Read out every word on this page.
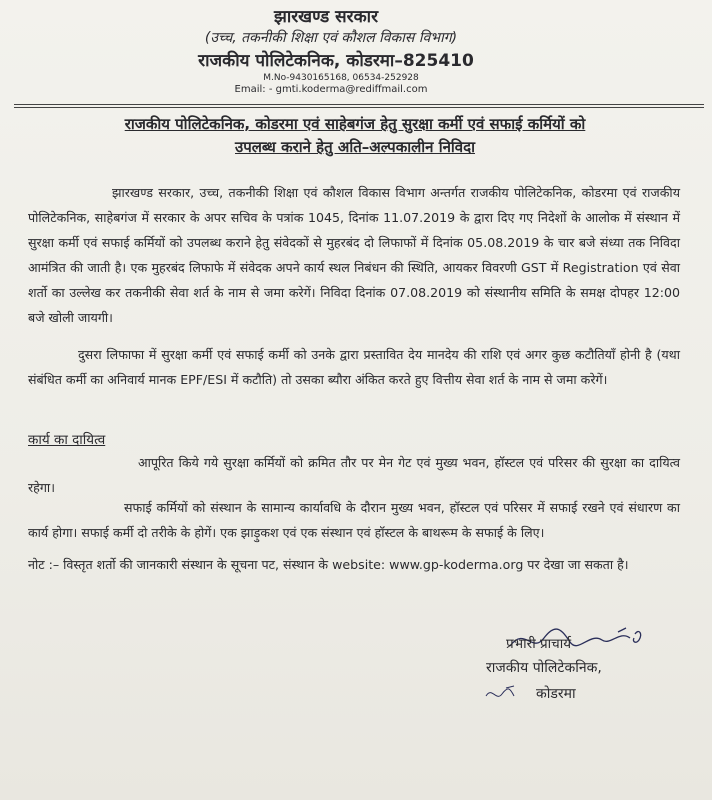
झारखण्ड सरकार
(उच्च, तकनीकी शिक्षा एवं कौशल विकास विभाग)
राजकीय पोलिटेकनिक, कोडरमा–825410
M.No-9430165168, 06534-252928
Email: - gmti.koderma@rediffmail.com
राजकीय पोलिटेकनिक, कोडरमा एवं साहेबगंज हेतु सुरक्षा कर्मी एवं सफाई कर्मियों को
उपलब्ध कराने हेतु अति–अल्पकालीन निविदा
झारखण्ड सरकार, उच्च, तकनीकी शिक्षा एवं कौशल विकास विभाग अन्तर्गत राजकीय पोलिटेकनिक, कोडरमा एवं राजकीय पोलिटेकनिक, साहेबगंज में सरकार के अपर सचिव के पत्रांक 1045, दिनांक 11.07.2019 के द्वारा दिए गए निदेशों के आलोक में संस्थान में सुरक्षा कर्मी एवं सफाई कर्मियों को उपलब्ध कराने हेतु संवेदकों से मुहरबंद दो लिफाफों में दिनांक 05.08.2019 के चार बजे संध्या तक निविदा आमंत्रित की जाती है। एक मुहरबंद लिफाफे में संवेदक अपने कार्य स्थल निबंधन की स्थिति, आयकर विवरणी GST में Registration एवं सेवा शर्तो का उल्लेख कर तकनीकी सेवा शर्त के नाम से जमा करेगें। निविदा दिनांक 07.08.2019 को संस्थानीय समिति के समक्ष दोपहर 12:00 बजे खोली जायगी।
दुसरा लिफाफा में सुरक्षा कर्मी एवं सफाई कर्मी को उनके द्वारा प्रस्तावित देय मानदेय की राशि एवं अगर कुछ कटौतियाँ होनी है (यथा संबंधित कर्मी का अनिवार्य मानक EPF/ESI में कटौति) तो उसका ब्यौरा अंकित करते हुए वित्तीय सेवा शर्त के नाम से जमा करेगें।
कार्य का दायित्व
आपूरित किये गये सुरक्षा कर्मियों को क्रमित तौर पर मेन गेट एवं मुख्य भवन, हॉस्टल एवं परिसर की सुरक्षा का दायित्व रहेगा।
सफाई कर्मियों को संस्थान के सामान्य कार्यावधि के दौरान मुख्य भवन, हॉस्टल एवं परिसर में सफाई रखने एवं संधारण का कार्य होगा। सफाई कर्मी दो तरीके के होगें। एक झाड़ुकश एवं एक संस्थान एवं हॉस्टल के बाथरूम के सफाई के लिए।
नोट :– विस्तृत शर्तो की जानकारी संस्थान के सूचना पट, संस्थान के website: www.gp-koderma.org पर देखा जा सकता है।
प्रभारी प्राचार्य
राजकीय पोलिटेकनिक,
कोडरमा
